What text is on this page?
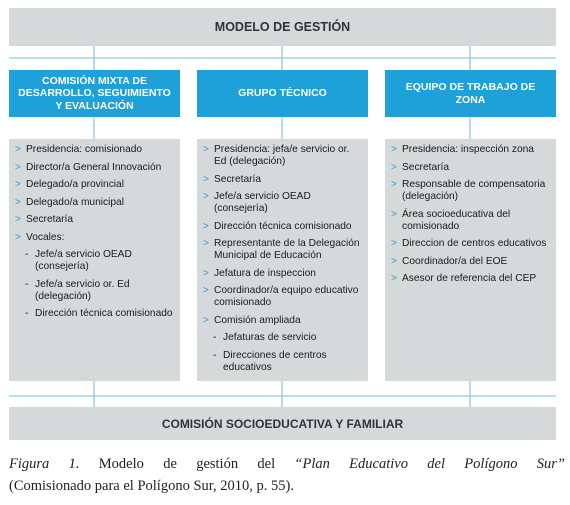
MODELO DE GESTIÓN
COMISIÓN MIXTA DE DESARROLLO, SEGUIMIENTO Y EVALUACIÓN
GRUPO TÉCNICO
EQUIPO DE TRABAJO DE ZONA
> Presidencia: comisionado
> Director/a General Innovación
> Delegado/a provincial
> Delegado/a municipal
> Secretaría
> Vocales:
- Jefe/a servicio OEAD (consejería)
- Jefe/a servicio or. Ed (delegación)
- Dirección técnica comisionado
> Presidencia: jefa/e servicio or. Ed (delegación)
> Secretaría
> Jefe/a servicio OEAD (consejería)
> Dirección técnica comisionado
> Representante de la Delegación Municipal de Educación
> Jefatura de inspeccion
> Coordinador/a equipo educativo comisionado
> Comisión ampliada
- Jefaturas de servicio
- Direcciones de centros educativos
> Presidencia: inspección zona
> Secretaría
> Responsable de compensatoria (delegación)
> Área socioeducativa del comisionado
> Direccion de centros educativos
> Coordinador/a del EOE
> Asesor de referencia del CEP
COMISIÓN SOCIOEDUCATIVA Y FAMILIAR
Figura 1. Modelo de gestión del “Plan Educativo del Polígono Sur”
(Comisionado para el Polígono Sur, 2010, p. 55).
